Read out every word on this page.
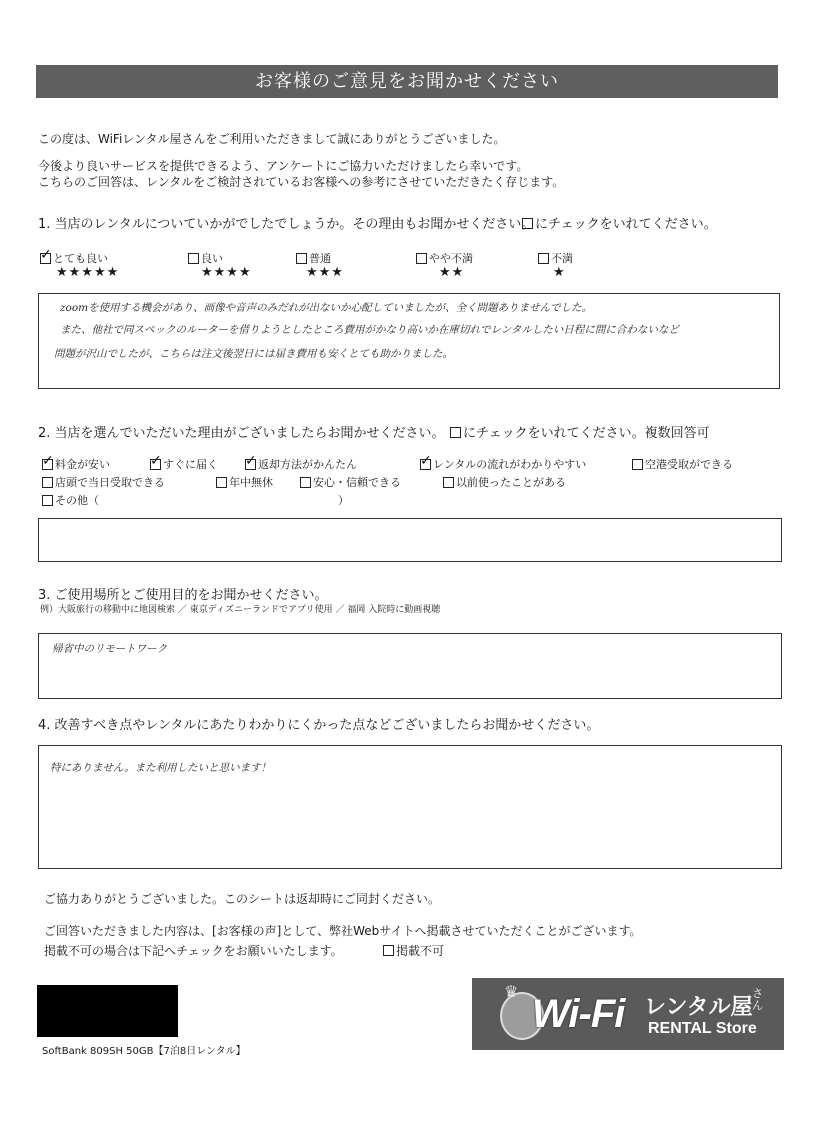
お客様のご意見をお聞かせください
この度は、WiFiレンタル屋さんをご利用いただきまして誠にありがとうございました。
今後より良いサービスを提供できるよう、アンケートにご協力いただけましたら幸いです。
こちらのご回答は、レンタルをご検討されているお客様への参考にさせていただきたく存じます。
1. 当店のレンタルについていかがでしたでしょうか。その理由もお聞かせください。 にチェックをいれてください。
✓とても良い
★★★★★
良い
★★★★
普通
★★★
やや不満
★★
不満
★
zoomを使用する機会があり、画像や音声のみだれが出ないか心配していましたが、全く問題ありませんでした。
また、他社で同スペックのルーターを借りようとしたところ費用がかなり高いか在庫切れでレンタルしたい日程に間に合わないなど
問題が沢山でしたが、こちらは注文後翌日には届き費用も安くとても助かりました。
2. 当店を選んでいただいた理由がございましたらお聞かせください。	にチェックをいれてください。複数回答可
✓料金が安い ✓	すぐに届く ✓	返却方法がかんたん ✓	レンタルの流れがわかりやすい	空港受取ができる
店頭で当日受取できる	年中無休	安心・信頼できる	以前使ったことがある
その他（	）
3. ご使用場所とご使用目的をお聞かせください。
例）大阪旅行の移動中に地図検索 ／ 東京ディズニーランドでアプリ使用 ／ 福岡 入院時に動画視聴
帰省中のリモートワーク
4. 改善すべき点やレンタルにあたりわかりにくかった点などございましたらお聞かせください。
特にありません。また利用したいと思います！
ご協力ありがとうございました。このシートは返却時にご同封ください。
ご回答いただきました内容は、[お客様の声]として、弊社Webサイトへ掲載させていただくことがございます。
掲載不可の場合は下記へチェックをお願いいたします。	掲載不可
SoftBank 809SH 50GB【7泊8日レンタル】
♛
Wi-Fi レンタル屋
さん
RENTAL Store
